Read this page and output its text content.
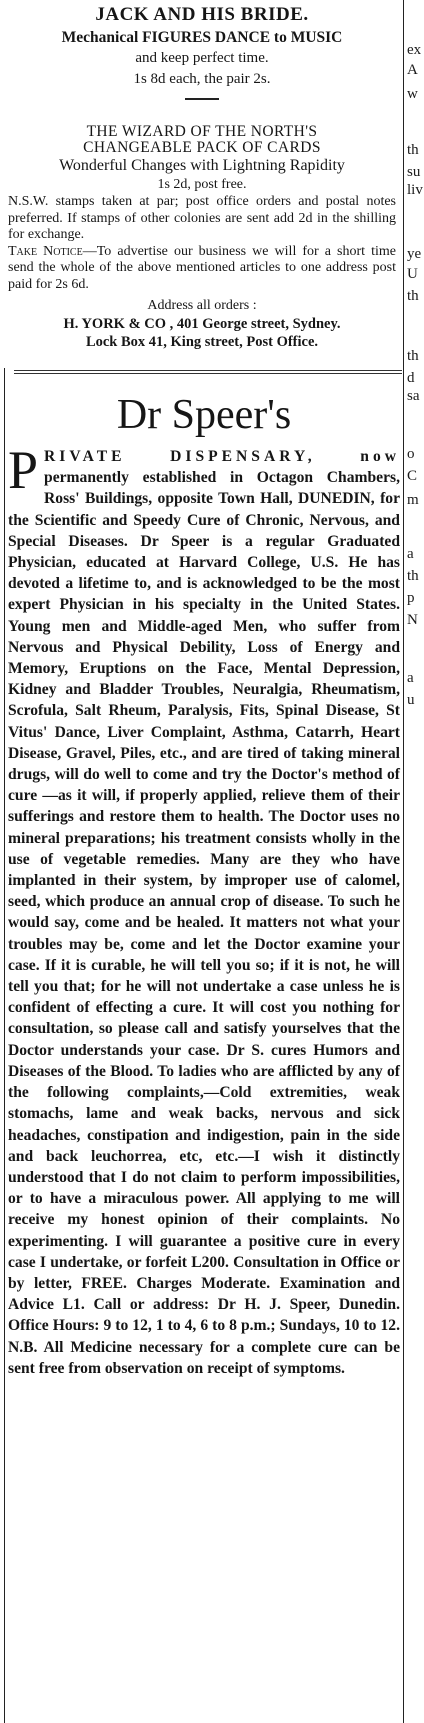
JACK AND HIS BRIDE.

Mechanical FIGURES DANCE to MUSIC

and keep perfect time.

1s 8d each, the pair 2s.

THE WIZARD OF THE NORTH'S

CHANGEABLE PACK OF CARDS

Wonderful Changes with Lightning Rapidity

1s 2d, post free.

N.S.W. stamps taken at par; post office orders and postal notes preferred. If stamps of other colonies are sent add 2d in the shilling for exchange.

Take Notice—To advertise our business we will for a short time send the whole of the above mentioned articles to one address post paid for 2s 6d.

Address all orders :

H. YORK & CO , 401 George street, Sydney.

Lock Box 41, King street, Post Office.

Dr Speer's

PRIVATE DISPENSARY, now permanently established in Octagon Chambers, Ross' Buildings, opposite Town Hall, DUNEDIN, for the Scientific and Speedy Cure of Chronic, Nervous, and Special Diseases. Dr Speer is a regular Graduated Physician, educated at Harvard College, U.S. He has devoted a lifetime to, and is acknowledged to be the most expert Physician in his specialty in the United States. Young men and Middle-aged Men, who suffer from Nervous and Physical Debility, Loss of Energy and Memory, Eruptions on the Face, Mental Depression, Kidney and Bladder Troubles, Neuralgia, Rheumatism, Scrofula, Salt Rheum, Paralysis, Fits, Spinal Disease, St Vitus' Dance, Liver Complaint, Asthma, Catarrh, Heart Disease, Gravel, Piles, etc., and are tired of taking mineral drugs, will do well to come and try the Doctor's method of cure —as it will, if properly applied, relieve them of their sufferings and restore them to health. The Doctor uses no mineral preparations; his treatment consists wholly in the use of vegetable remedies. Many are they who have implanted in their system, by improper use of calomel, seed, which produce an annual crop of disease. To such he would say, come and be healed. It matters not what your troubles may be, come and let the Doctor examine your case. If it is curable, he will tell you so; if it is not, he will tell you that; for he will not undertake a case unless he is confident of effecting a cure. It will cost you nothing for consultation, so please call and satisfy yourselves that the Doctor understands your case. Dr S. cures Humors and Diseases of the Blood. To ladies who are afflicted by any of the following complaints,—Cold extremities, weak stomachs, lame and weak backs, nervous and sick headaches, constipation and indigestion, pain in the side and back leuchorrea, etc, etc.—I wish it distinctly understood that I do not claim to perform impossibilities, or to have a miraculous power. All applying to me will receive my honest opinion of their complaints. No experimenting. I will guarantee a positive cure in every case I undertake, or forfeit L200. Consultation in Office or by letter, FREE. Charges Moderate. Examination and Advice L1. Call or address: Dr H. J. Speer, Dunedin. Office Hours: 9 to 12, 1 to 4, 6 to 8 p.m.; Sundays, 10 to 12. N.B. All Medicine necessary for a complete cure can be sent free from observation on receipt of symptoms.

ex
A
w
th
su
liv
ye
U
th
th
d
sa
o
C
m
a
th
p
N
a
u
